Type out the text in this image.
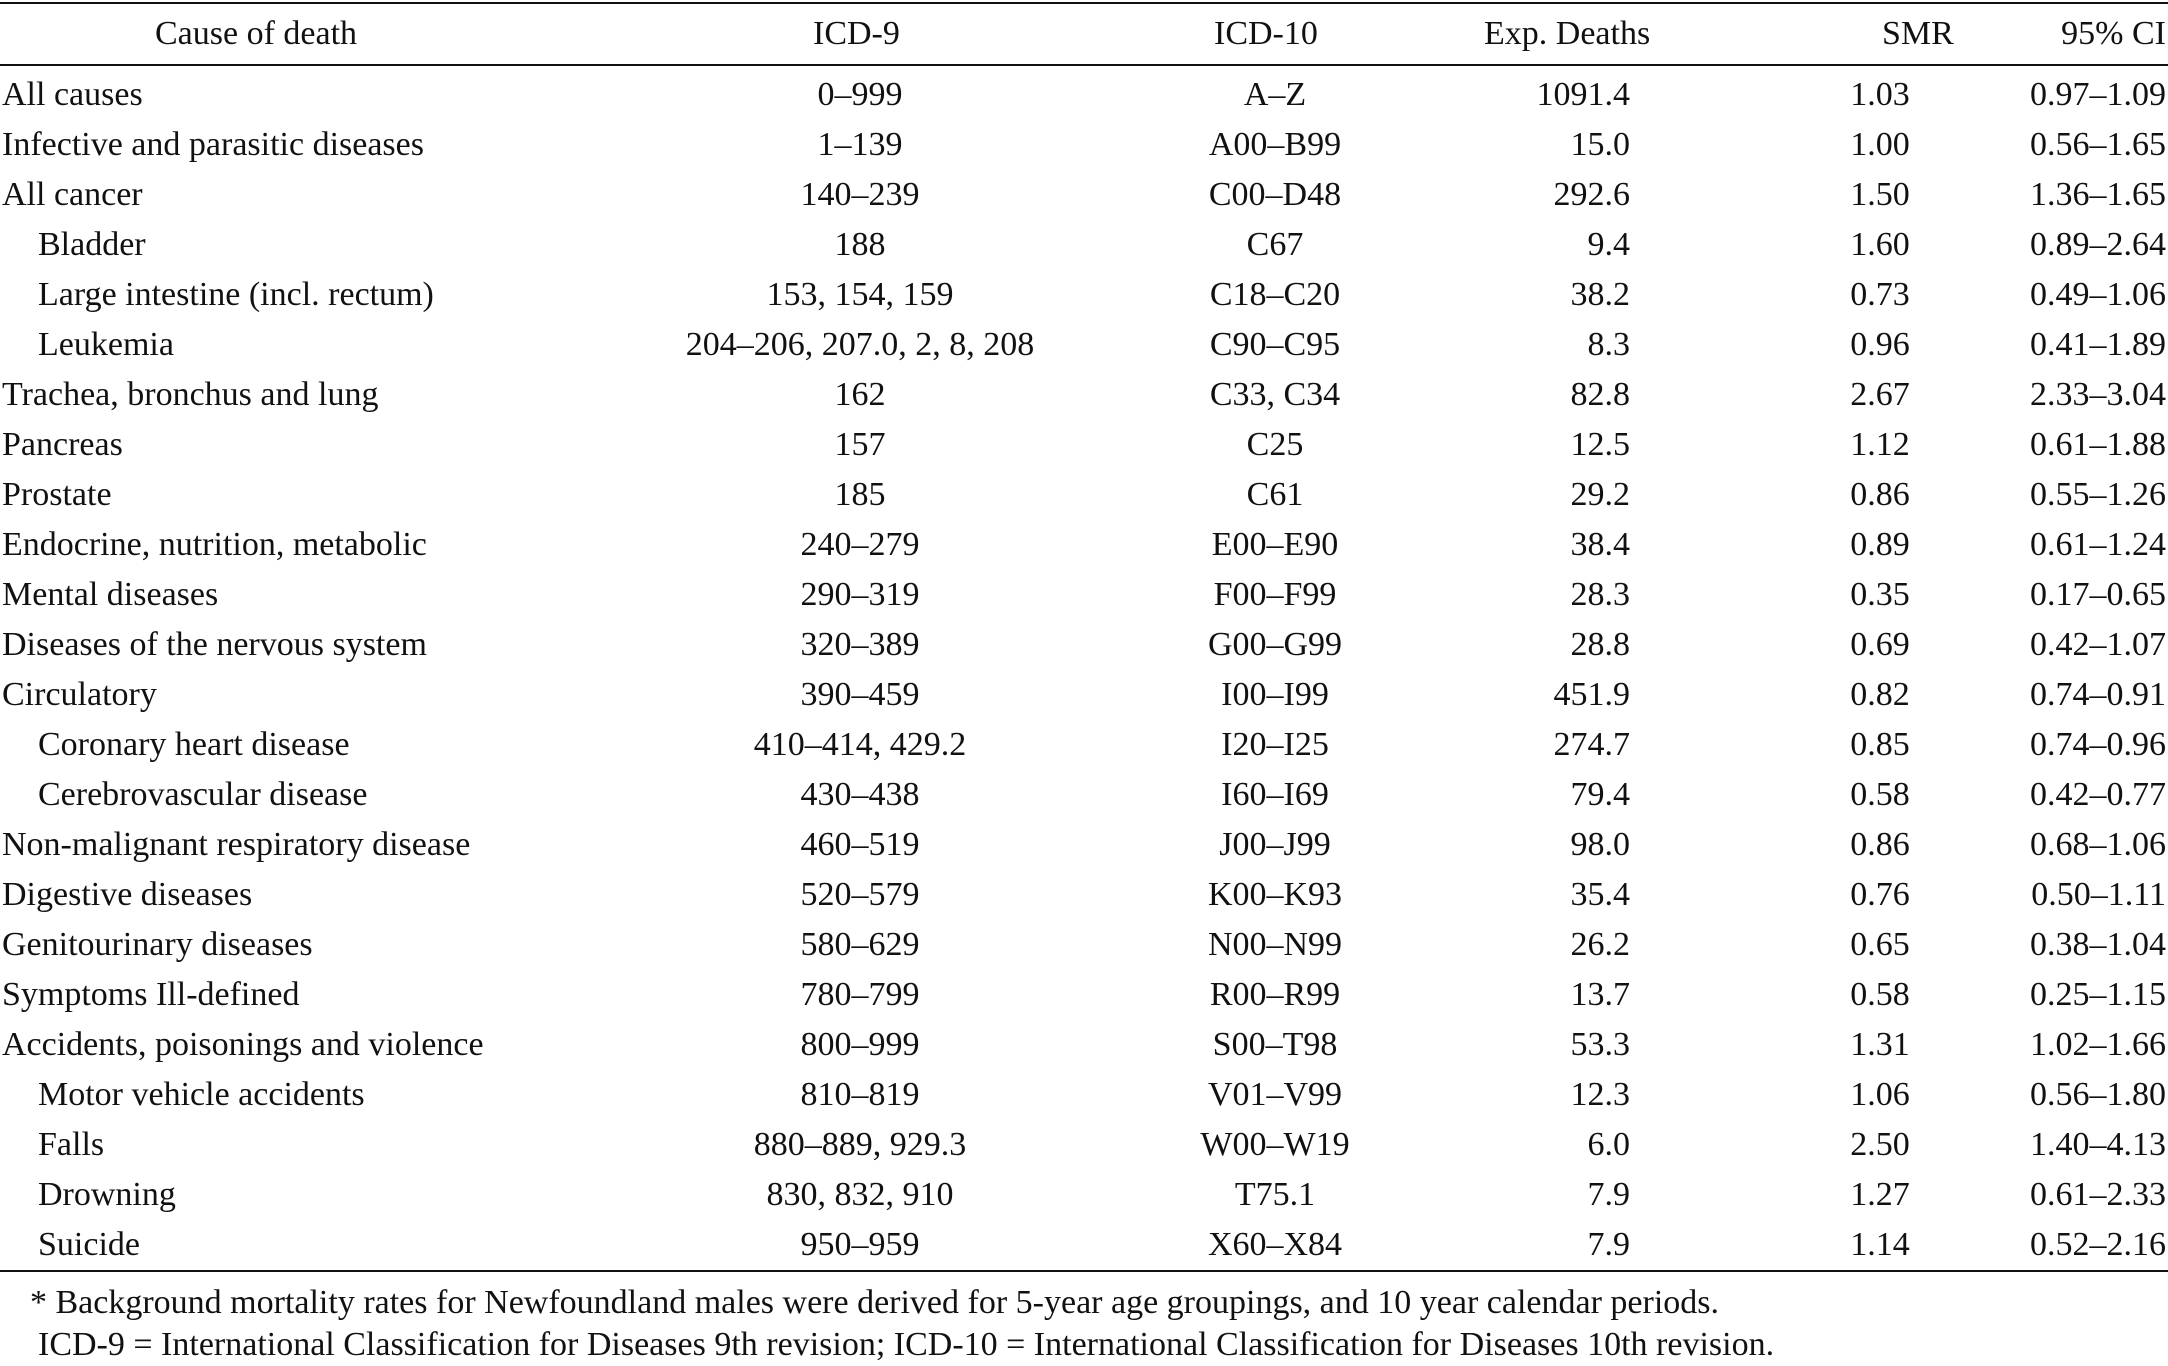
Cause of death	ICD-9	ICD-10	Exp. Deaths	SMR	95% CI
All causes	0–999	A–Z	1091.4	1.03	0.97–1.09
Infective and parasitic diseases	1–139	A00–B99	15.0	1.00	0.56–1.65
All cancer	140–239	C00–D48	292.6	1.50	1.36–1.65
Bladder	188	C67	9.4	1.60	0.89–2.64
Large intestine (incl. rectum)	153, 154, 159	C18–C20	38.2	0.73	0.49–1.06
Leukemia	204–206, 207.0, 2, 8, 208	C90–C95	8.3	0.96	0.41–1.89
Trachea, bronchus and lung	162	C33, C34	82.8	2.67	2.33–3.04
Pancreas	157	C25	12.5	1.12	0.61–1.88
Prostate	185	C61	29.2	0.86	0.55–1.26
Endocrine, nutrition, metabolic	240–279	E00–E90	38.4	0.89	0.61–1.24
Mental diseases	290–319	F00–F99	28.3	0.35	0.17–0.65
Diseases of the nervous system	320–389	G00–G99	28.8	0.69	0.42–1.07
Circulatory	390–459	I00–I99	451.9	0.82	0.74–0.91
Coronary heart disease	410–414, 429.2	I20–I25	274.7	0.85	0.74–0.96
Cerebrovascular disease	430–438	I60–I69	79.4	0.58	0.42–0.77
Non-malignant respiratory disease	460–519	J00–J99	98.0	0.86	0.68–1.06
Digestive diseases	520–579	K00–K93	35.4	0.76	0.50–1.11
Genitourinary diseases	580–629	N00–N99	26.2	0.65	0.38–1.04
Symptoms Ill-defined	780–799	R00–R99	13.7	0.58	0.25–1.15
Accidents, poisonings and violence	800–999	S00–T98	53.3	1.31	1.02–1.66
Motor vehicle accidents	810–819	V01–V99	12.3	1.06	0.56–1.80
Falls	880–889, 929.3	W00–W19	6.0	2.50	1.40–4.13
Drowning	830, 832, 910	T75.1	7.9	1.27	0.61–2.33
Suicide	950–959	X60–X84	7.9	1.14	0.52–2.16
* Background mortality rates for Newfoundland males were derived for 5-year age groupings, and 10 year calendar periods.
ICD-9 = International Classification for Diseases 9th revision; ICD-10 = International Classification for Diseases 10th revision.
